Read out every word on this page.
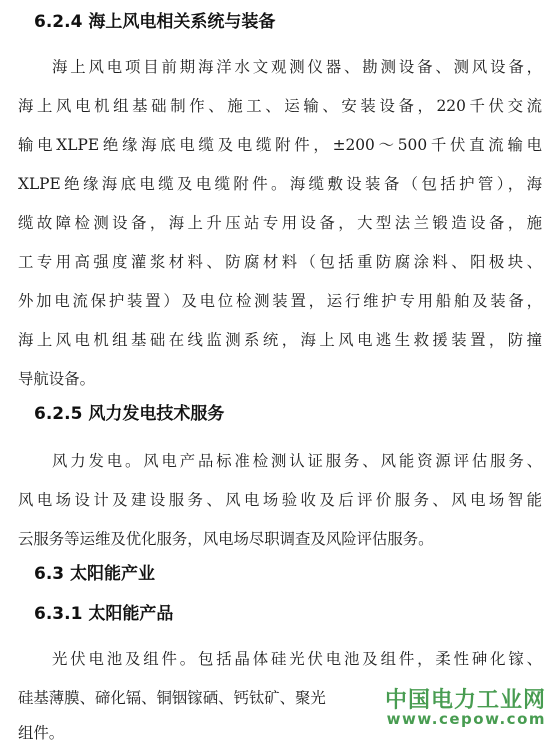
6.2.4 海上风电相关系统与装备
海上风电项目前期海洋水文观测仪器、勘测设备、测风设备，
海上风电机组基础制作、施工、运输、安装设备，220千伏交流
输电XLPE绝缘海底电缆及电缆附件，±200～500千伏直流输电
XLPE绝缘海底电缆及电缆附件。海缆敷设装备（包括护管），海
缆故障检测设备，海上升压站专用设备，大型法兰锻造设备，施
工专用高强度灌浆材料、防腐材料（包括重防腐涂料、阳极块、
外加电流保护装置）及电位检测装置，运行维护专用船舶及装备，
海上风电机组基础在线监测系统，海上风电逃生救援装置，防撞
导航设备。
6.2.5 风力发电技术服务
风力发电。风电产品标准检测认证服务、风能资源评估服务、
风电场设计及建设服务、风电场验收及后评价服务、风电场智能
云服务等运维及优化服务，风电场尽职调查及风险评估服务。
6.3 太阳能产业
6.3.1 太阳能产品
光伏电池及组件。包括晶体硅光伏电池及组件，柔性砷化镓、
硅基薄膜、碲化镉、铜铟镓硒、钙钛矿、聚光
组件。
中国电力工业网
www.cepow.com
